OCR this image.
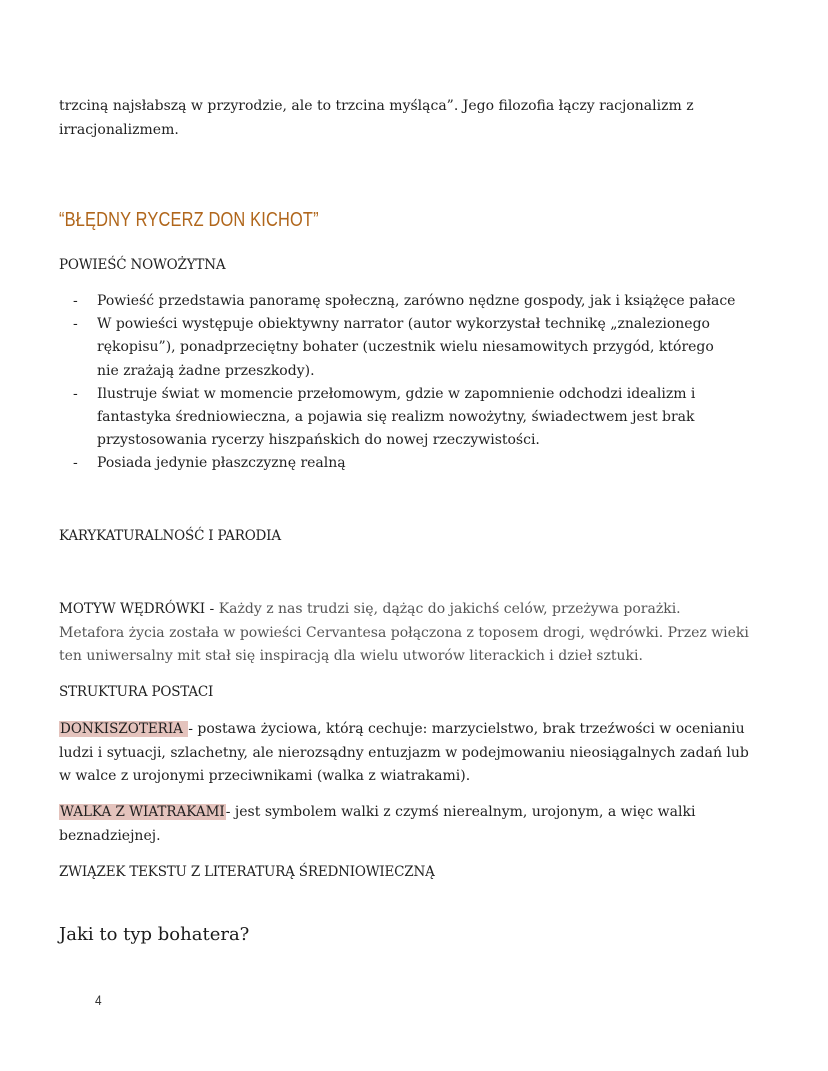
trzciną najsłabszą w przyrodzie, ale to trzcina myśląca”. Jego filozofia łączy racjonalizm z
irracjonalizmem.

“BŁĘDNY RYCERZ DON KICHOT”

POWIEŚĆ NOWOŻYTNA

- Powieść przedstawia panoramę społeczną, zarówno nędzne gospody, jak i książęce pałace
- W powieści występuje obiektywny narrator (autor wykorzystał technikę „znalezionego rękopisu”), ponadprzeciętny bohater (uczestnik wielu niesamowitych przygód, którego nie zrażają żadne przeszkody).
- Ilustruje świat w momencie przełomowym, gdzie w zapomnienie odchodzi idealizm i fantastyka średniowieczna, a pojawia się realizm nowożytny, świadectwem jest brak przystosowania rycerzy hiszpańskich do nowej rzeczywistości.
- Posiada jedynie płaszczyznę realną

KARYKATURALNOŚĆ I PARODIA

MOTYW WĘDRÓWKI - Każdy z nas trudzi się, dążąc do jakichś celów, przeżywa porażki. Metafora życia została w powieści Cervantesa połączona z toposem drogi, wędrówki. Przez wieki ten uniwersalny mit stał się inspiracją dla wielu utworów literackich i dzieł sztuki.

STRUKTURA POSTACI

DONKISZOTERIA - postawa życiowa, którą cechuje: marzycielstwo, brak trzeźwości w ocenianiu ludzi i sytuacji, szlachetny, ale nierozsądny entuzjazm w podejmowaniu nieosiągalnych zadań lub w walce z urojonymi przeciwnikami (walka z wiatrakami).

WALKA Z WIATRAKAMI- jest symbolem walki z czymś nierealnym, urojonym, a więc walki beznadziejnej.

ZWIĄZEK TEKSTU Z LITERATURĄ ŚREDNIOWIECZNĄ

Jaki to typ bohatera?
4
